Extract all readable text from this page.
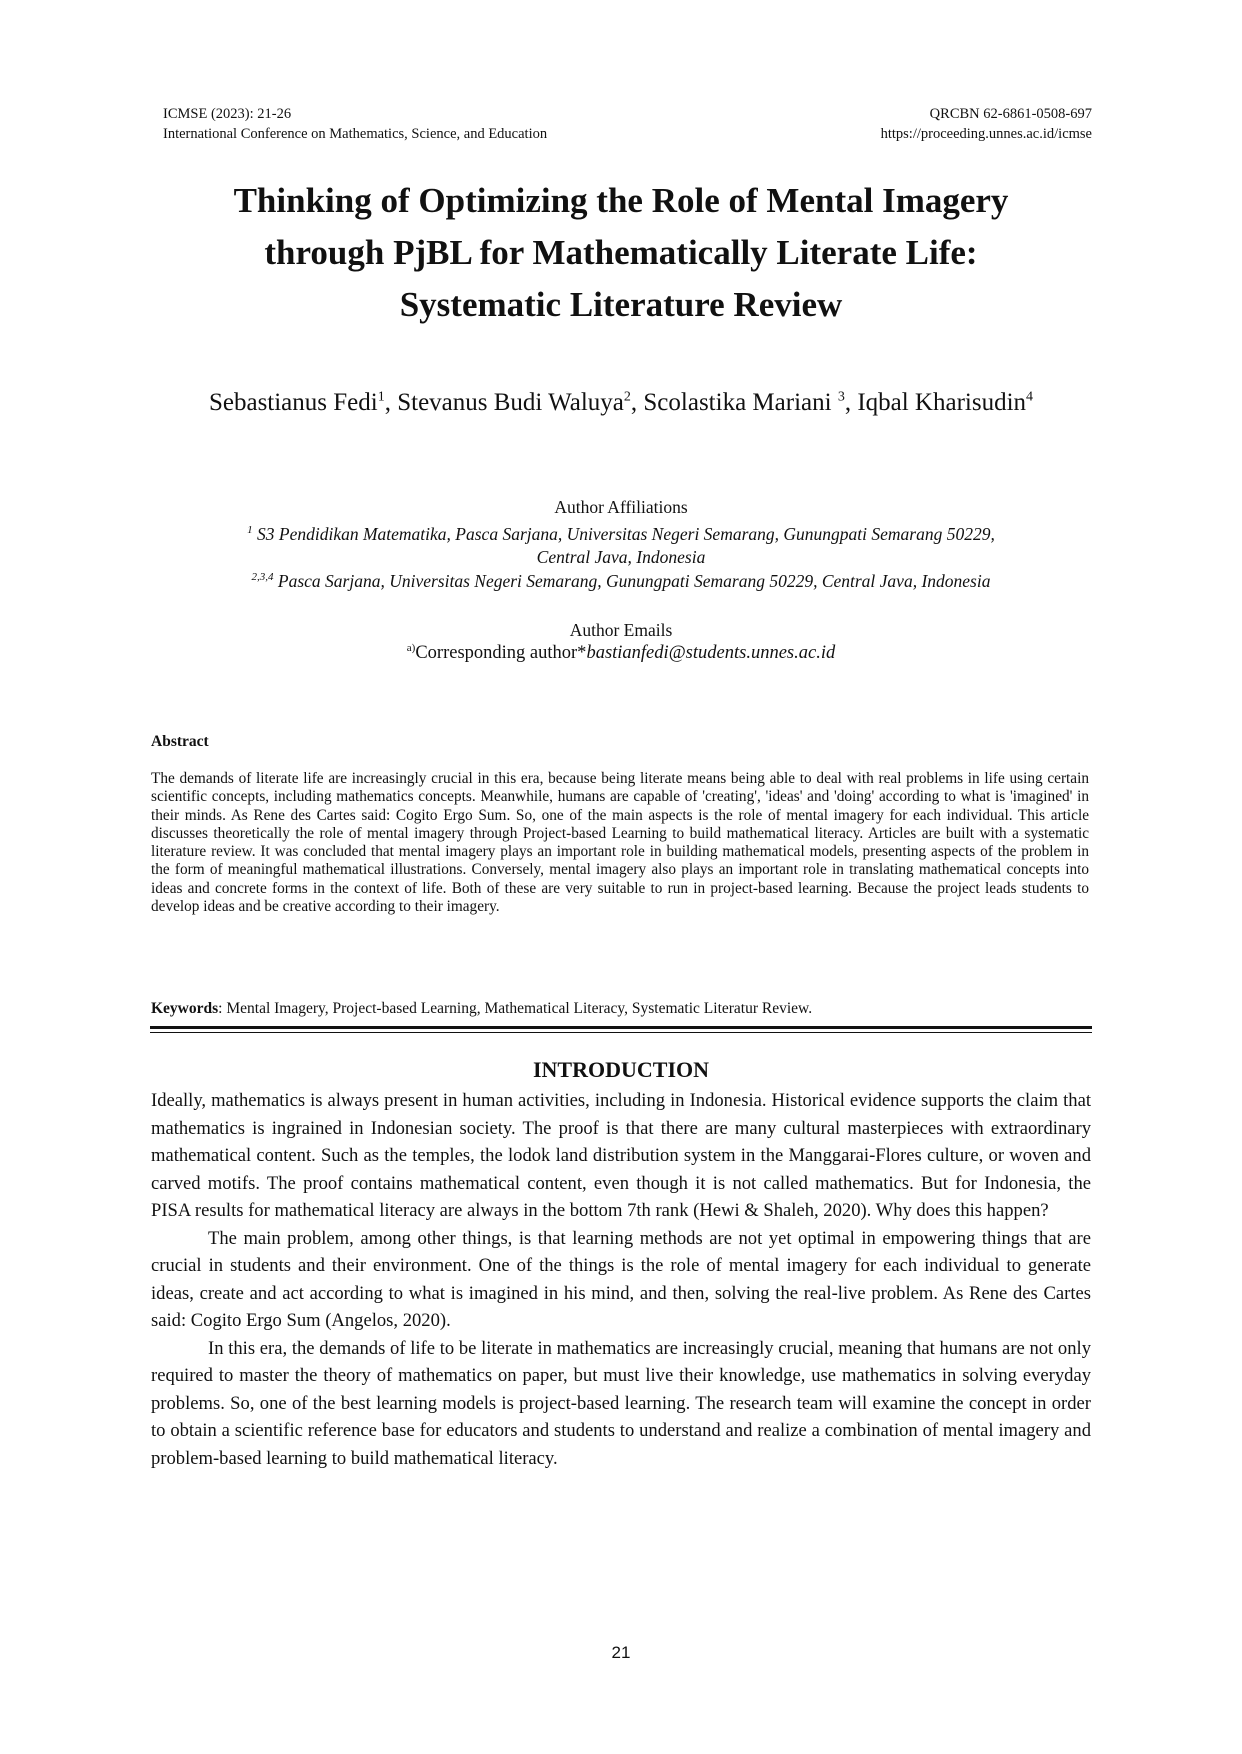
ICMSE (2023): 21-26
International Conference on Mathematics, Science, and Education
QRCBN 62-6861-0508-697
https://proceeding.unnes.ac.id/icmse
Thinking of Optimizing the Role of Mental Imagery
through PjBL for Mathematically Literate Life:
Systematic Literature Review
Sebastianus Fedi$^1$, Stevanus Budi Waluya$^2$, Scolastika Mariani $^3$, Iqbal Kharisudin$^4$
Author Affiliations
$^1$ S3 Pendidikan Matematika, Pasca Sarjana, Universitas Negeri Semarang, Gunungpati Semarang 50229,
Central Java, Indonesia
$^{2,3,4}$ Pasca Sarjana, Universitas Negeri Semarang, Gunungpati Semarang 50229, Central Java, Indonesia
Author Emails
$^{a)}$Corresponding author*bastianfedi@students.unnes.ac.id
Abstract

The demands of literate life are increasingly crucial in this era, because being literate means being able to deal with real problems in life using certain scientific concepts, including mathematics concepts. Meanwhile, humans are capable of 'creating', 'ideas' and 'doing' according to what is 'imagined' in their minds. As Rene des Cartes said: Cogito Ergo Sum. So, one of the main aspects is the role of mental imagery for each individual. This article discusses theoretically the role of mental imagery through Project-based Learning to build mathematical literacy. Articles are built with a systematic literature review. It was concluded that mental imagery plays an important role in building mathematical models, presenting aspects of the problem in the form of meaningful mathematical illustrations. Conversely, mental imagery also plays an important role in translating mathematical concepts into ideas and concrete forms in the context of life. Both of these are very suitable to run in project-based learning. Because the project leads students to develop ideas and be creative according to their imagery.

Keywords: Mental Imagery, Project-based Learning, Mathematical Literacy, Systematic Literatur Review.
INTRODUCTION

Ideally, mathematics is always present in human activities, including in Indonesia. Historical evidence supports the claim that mathematics is ingrained in Indonesian society. The proof is that there are many cultural masterpieces with extraordinary mathematical content. Such as the temples, the lodok land distribution system in the Manggarai-Flores culture, or woven and carved motifs. The proof contains mathematical content, even though it is not called mathematics. But for Indonesia, the PISA results for mathematical literacy are always in the bottom 7th rank (Hewi & Shaleh, 2020). Why does this happen?

The main problem, among other things, is that learning methods are not yet optimal in empowering things that are crucial in students and their environment. One of the things is the role of mental imagery for each individual to generate ideas, create and act according to what is imagined in his mind, and then, solving the real-live problem. As Rene des Cartes said: Cogito Ergo Sum (Angelos, 2020).

In this era, the demands of life to be literate in mathematics are increasingly crucial, meaning that humans are not only required to master the theory of mathematics on paper, but must live their knowledge, use mathematics in solving everyday problems. So, one of the best learning models is project-based learning. The research team will examine the concept in order to obtain a scientific reference base for educators and students to understand and realize a combination of mental imagery and problem-based learning to build mathematical literacy.

21
